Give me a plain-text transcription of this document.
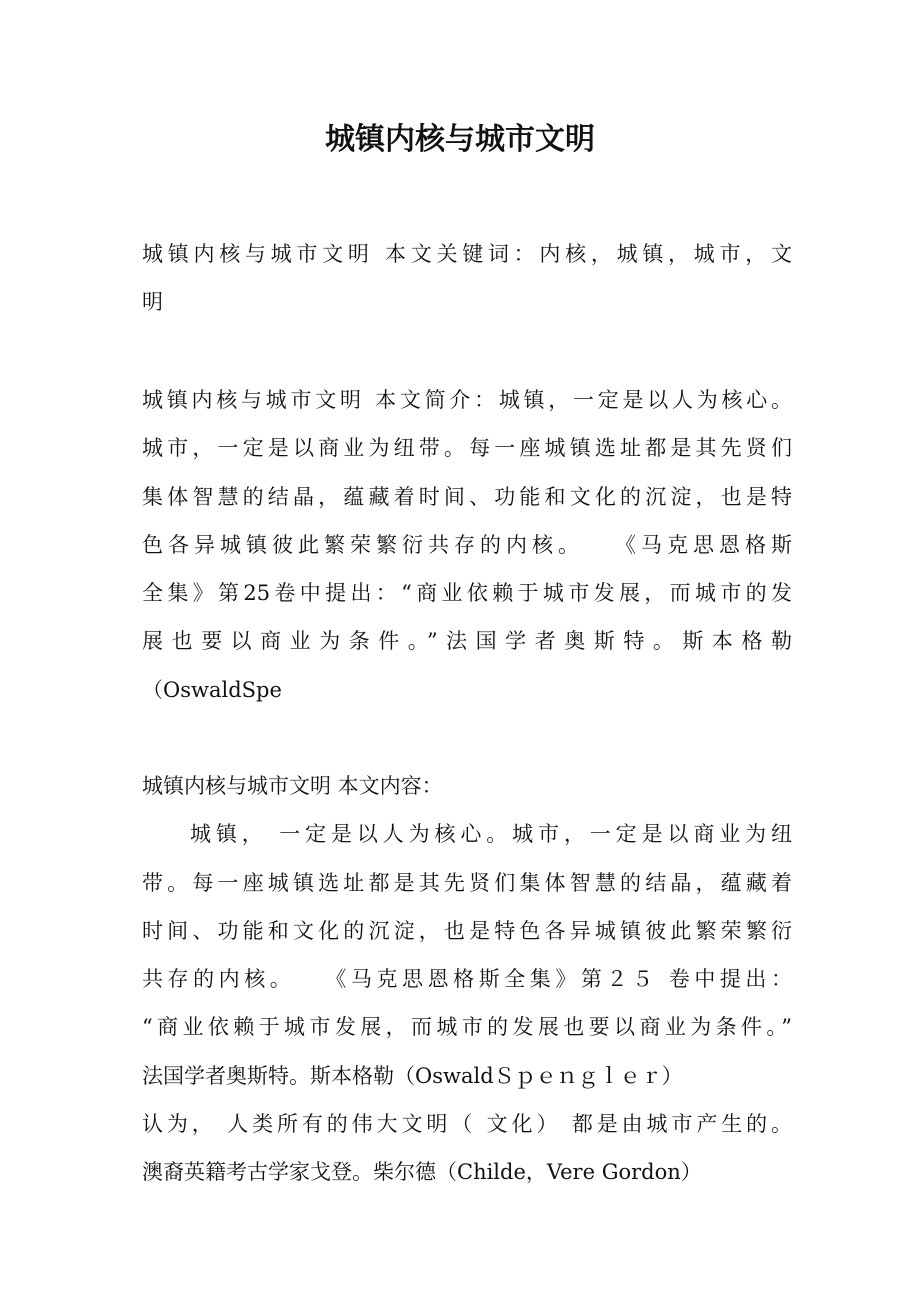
城镇内核与城市文明
城镇内核与城市文明 本文关键词：内核，城镇，城市，文
明
城镇内核与城市文明 本文简介：城镇，一定是以人为核心。
城市，一定是以商业为纽带。每一座城镇选址都是其先贤们
集体智慧的结晶，蕴藏着时间、功能和文化的沉淀，也是特
色各异城镇彼此繁荣繁衍共存的内核。　　《马克思恩格斯
全集》第25卷中提出：“商业依赖于城市发展，而城市的发
展也要以商业为条件。”法国学者奥斯特。斯本格勒
（OswaldSpe
城镇内核与城市文明 本文内容：
城镇， 一定是以人为核心。城市，一定是以商业为纽
带。每一座城镇选址都是其先贤们集体智慧的结晶，蕴藏着
时间、功能和文化的沉淀，也是特色各异城镇彼此繁荣繁衍
共存的内核。　　《马克思恩格斯全集》第２５ 卷中提出：
“商业依赖于城市发展，而城市的发展也要以商业为条件。”
法国学者奥斯特。斯本格勒（OswaldＳｐｅｎｇｌｅｒ）
认为， 人类所有的伟大文明（ 文化） 都是由城市产生的。
澳裔英籍考古学家戈登。柴尔德（Childe，Vere Gordon）
